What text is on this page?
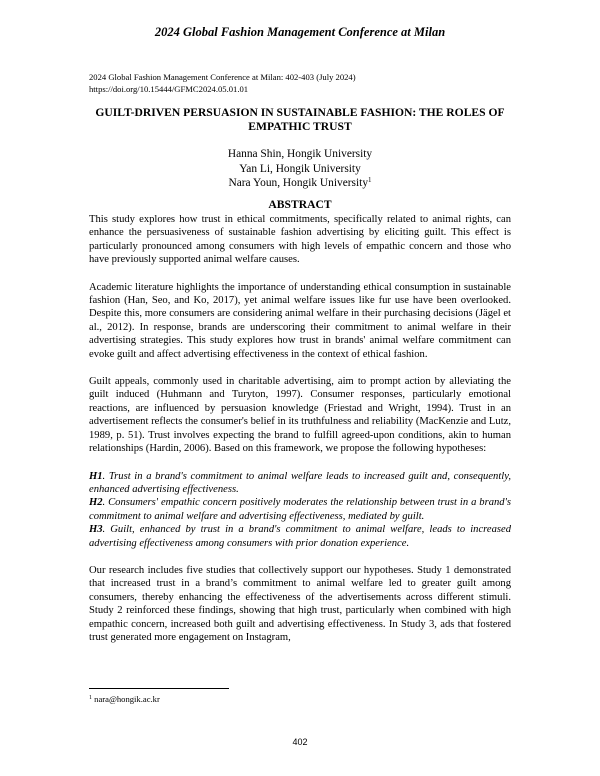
2024 Global Fashion Management Conference at Milan
2024 Global Fashion Management Conference at Milan: 402-403 (July 2024)
https://doi.org/10.15444/GFMC2024.05.01.01
GUILT-DRIVEN PERSUASION IN SUSTAINABLE FASHION: THE ROLES OF EMPATHIC TRUST
Hanna Shin, Hongik University
Yan Li, Hongik University
Nara Youn, Hongik University$^1$
ABSTRACT

This study explores how trust in ethical commitments, specifically related to animal rights, can enhance the persuasiveness of sustainable fashion advertising by eliciting guilt. This effect is particularly pronounced among consumers with high levels of empathic concern and those who have previously supported animal welfare causes.

Academic literature highlights the importance of understanding ethical consumption in sustainable fashion (Han, Seo, and Ko, 2017), yet animal welfare issues like fur use have been overlooked. Despite this, more consumers are considering animal welfare in their purchasing decisions (Jägel et al., 2012). In response, brands are underscoring their commitment to animal welfare in their advertising strategies. This study explores how trust in brands' animal welfare commitment can evoke guilt and affect advertising effectiveness in the context of ethical fashion.

Guilt appeals, commonly used in charitable advertising, aim to prompt action by alleviating the guilt induced (Huhmann and Turyton, 1997). Consumer responses, particularly emotional reactions, are influenced by persuasion knowledge (Friestad and Wright, 1994). Trust in an advertisement reflects the consumer's belief in its truthfulness and reliability (MacKenzie and Lutz, 1989, p. 51). Trust involves expecting the brand to fulfill agreed-upon conditions, akin to human relationships (Hardin, 2006). Based on this framework, we propose the following hypotheses:

H1. Trust in a brand's commitment to animal welfare leads to increased guilt and, consequently, enhanced advertising effectiveness.

H2. Consumers' empathic concern positively moderates the relationship between trust in a brand's commitment to animal welfare and advertising effectiveness, mediated by guilt.

H3. Guilt, enhanced by trust in a brand's commitment to animal welfare, leads to increased advertising effectiveness among consumers with prior donation experience.

Our research includes five studies that collectively support our hypotheses. Study 1 demonstrated that increased trust in a brand’s commitment to animal welfare led to greater guilt among consumers, thereby enhancing the effectiveness of the advertisements across different stimuli. Study 2 reinforced these findings, showing that high trust, particularly when combined with high empathic concern, increased both guilt and advertising effectiveness. In Study 3, ads that fostered trust generated more engagement on Instagram,

$^1$ nara@hongik.ac.kr
402
